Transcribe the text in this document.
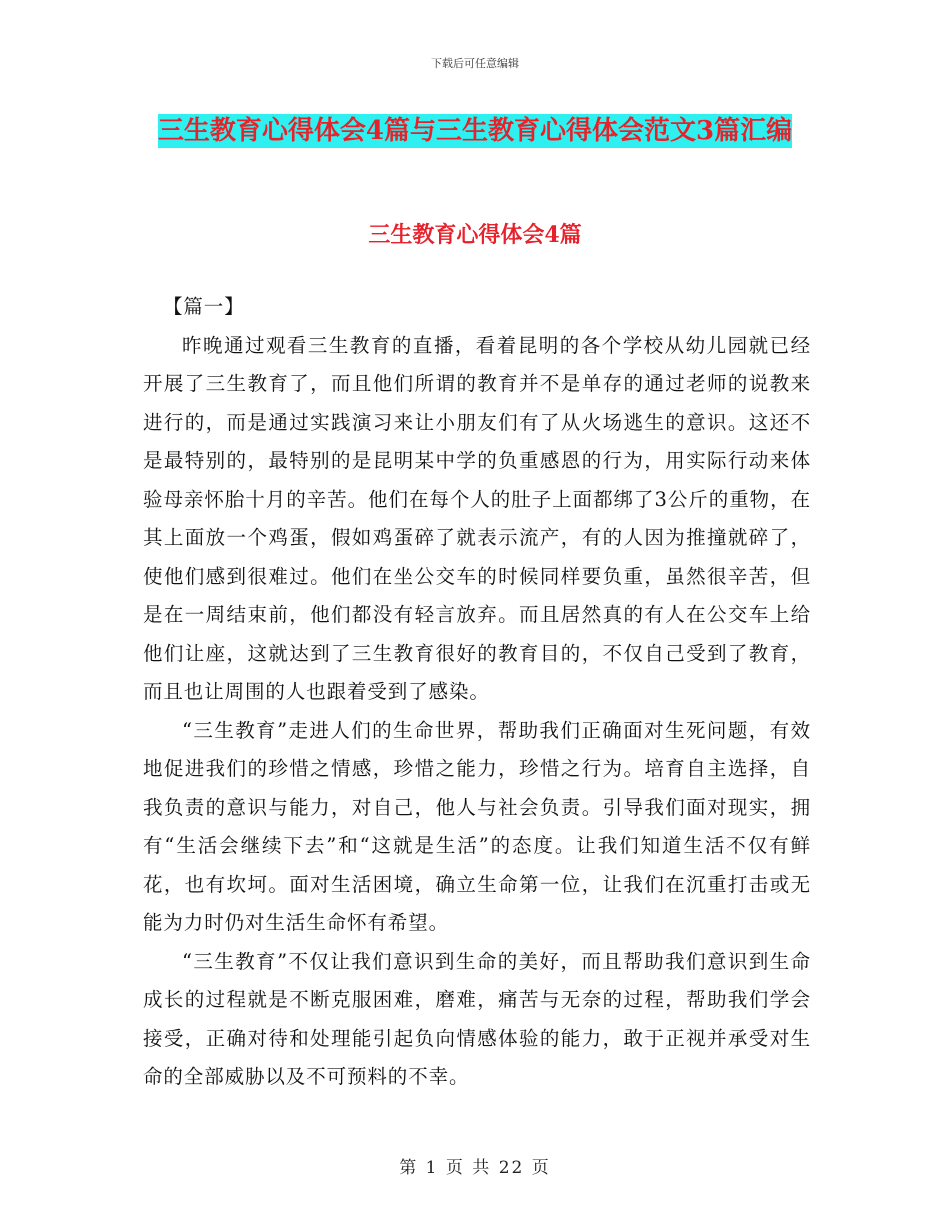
下载后可任意编辑
三生教育心得体会4篇与三生教育心得体会范文3篇汇编
三生教育心得体会4篇

【篇一】

昨晚通过观看三生教育的直播，看着昆明的各个学校从幼儿园就已经开展了三生教育了，而且他们所谓的教育并不是单存的通过老师的说教来进行的，而是通过实践演习来让小朋友们有了从火场逃生的意识。这还不是最特别的，最特别的是昆明某中学的负重感恩的行为，用实际行动来体验母亲怀胎十月的辛苦。他们在每个人的肚子上面都绑了3公斤的重物，在其上面放一个鸡蛋，假如鸡蛋碎了就表示流产，有的人因为推撞就碎了，使他们感到很难过。他们在坐公交车的时候同样要负重，虽然很辛苦，但是在一周结束前，他们都没有轻言放弃。而且居然真的有人在公交车上给他们让座，这就达到了三生教育很好的教育目的，不仅自己受到了教育，而且也让周围的人也跟着受到了感染。

“三生教育”走进人们的生命世界，帮助我们正确面对生死问题，有效地促进我们的珍惜之情感，珍惜之能力，珍惜之行为。培育自主选择，自我负责的意识与能力，对自己，他人与社会负责。引导我们面对现实，拥有“生活会继续下去”和“这就是生活”的态度。让我们知道生活不仅有鲜花，也有坎坷。面对生活困境，确立生命第一位，让我们在沉重打击或无能为力时仍对生活生命怀有希望。

“三生教育”不仅让我们意识到生命的美好，而且帮助我们意识到生命成长的过程就是不断克服困难，磨难，痛苦与无奈的过程，帮助我们学会接受，正确对待和处理能引起负向情感体验的能力，敢于正视并承受对生命的全部威胁以及不可预料的不幸。

第 1 页 共 22 页
